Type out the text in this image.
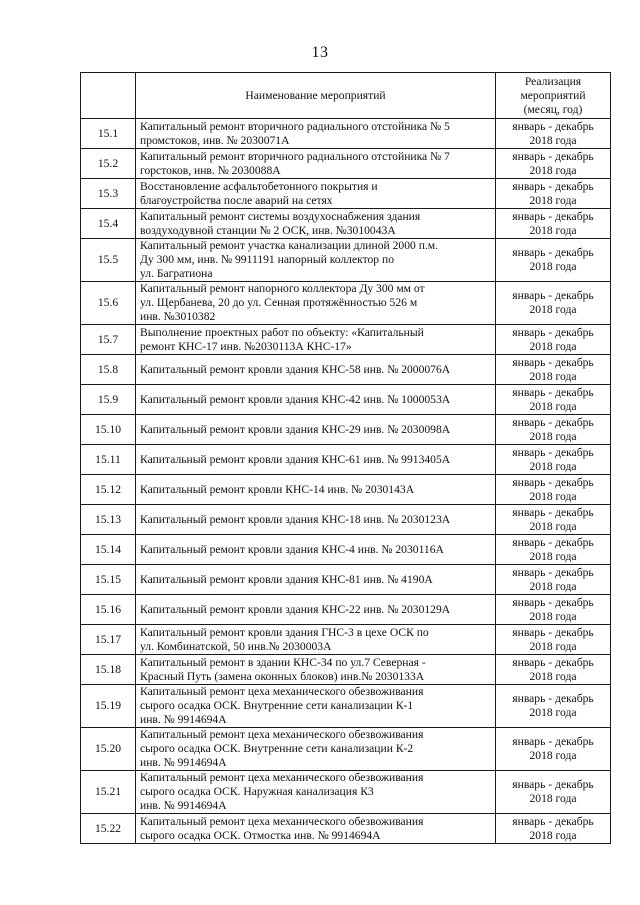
13
	Наименование мероприятий	Реализация
мероприятий
(месяц, год)

15.1	Капитальный ремонт вторичного радиального отстойника № 5
промстоков, инв. № 2030071А	январь - декабрь
2018 года

15.2	Капитальный ремонт вторичного радиального отстойника № 7
горстоков, инв. № 2030088А	январь - декабрь
2018 года

15.3	Восстановление асфальтобетонного покрытия и
благоустройства после аварий на сетях	январь - декабрь
2018 года

15.4	Капитальный ремонт системы воздухоснабжения здания
воздуходувной станции № 2 ОСК, инв. №3010043А	январь - декабрь
2018 года

15.5	Капитальный ремонт участка канализации длиной 2000 п.м.
Ду 300 мм, инв. № 9911191 напорный коллектор по
ул. Багратиона	январь - декабрь
2018 года

15.6	Капитальный ремонт напорного коллектора Ду 300 мм от
ул. Щербанева, 20 до ул. Сенная протяжённостью 526 м
инв. №3010382	январь - декабрь
2018 года

15.7	Выполнение проектных работ по объекту: «Капитальный
ремонт КНС-17 инв. №2030113А КНС-17»	январь - декабрь
2018 года

15.8	Капитальный ремонт кровли здания КНС-58 инв. № 2000076А	январь - декабрь
2018 года

15.9	Капитальный ремонт кровли здания КНС-42 инв. № 1000053А	январь - декабрь
2018 года

15.10	Капитальный ремонт кровли здания КНС-29 инв. № 2030098А	январь - декабрь
2018 года

15.11	Капитальный ремонт кровли здания КНС-61 инв. № 9913405А	январь - декабрь
2018 года

15.12	Капитальный ремонт кровли КНС-14 инв. № 2030143А	январь - декабрь
2018 года

15.13	Капитальный ремонт кровли здания КНС-18 инв. № 2030123А	январь - декабрь
2018 года

15.14	Капитальный ремонт кровли здания КНС-4 инв. № 2030116А	январь - декабрь
2018 года

15.15	Капитальный ремонт кровли здания КНС-81 инв. № 4190А	январь - декабрь
2018 года

15.16	Капитальный ремонт кровли здания КНС-22 инв. № 2030129А	январь - декабрь
2018 года

15.17	Капитальный ремонт кровли здания ГНС-3 в цехе ОСК по
ул. Комбинатской, 50 инв.№ 2030003А	январь - декабрь
2018 года

15.18	Капитальный ремонт в здании КНС-34 по ул.7 Северная -
Красный Путь (замена оконных блоков) инв.№ 2030133А	январь - декабрь
2018 года

15.19	Капитальный ремонт цеха механического обезвоживания
сырого осадка ОСК. Внутренние сети канализации К-1
инв. № 9914694А	январь - декабрь
2018 года

15.20	Капитальный ремонт цеха механического обезвоживания
сырого осадка ОСК. Внутренние сети канализации К-2
инв. № 9914694А	январь - декабрь
2018 года

15.21	Капитальный ремонт цеха механического обезвоживания
сырого осадка ОСК. Наружная канализация К3
инв. № 9914694А	январь - декабрь
2018 года

15.22	Капитальный ремонт цеха механического обезвоживания
сырого осадка ОСК. Отмостка инв. № 9914694А	январь - декабрь
2018 года
